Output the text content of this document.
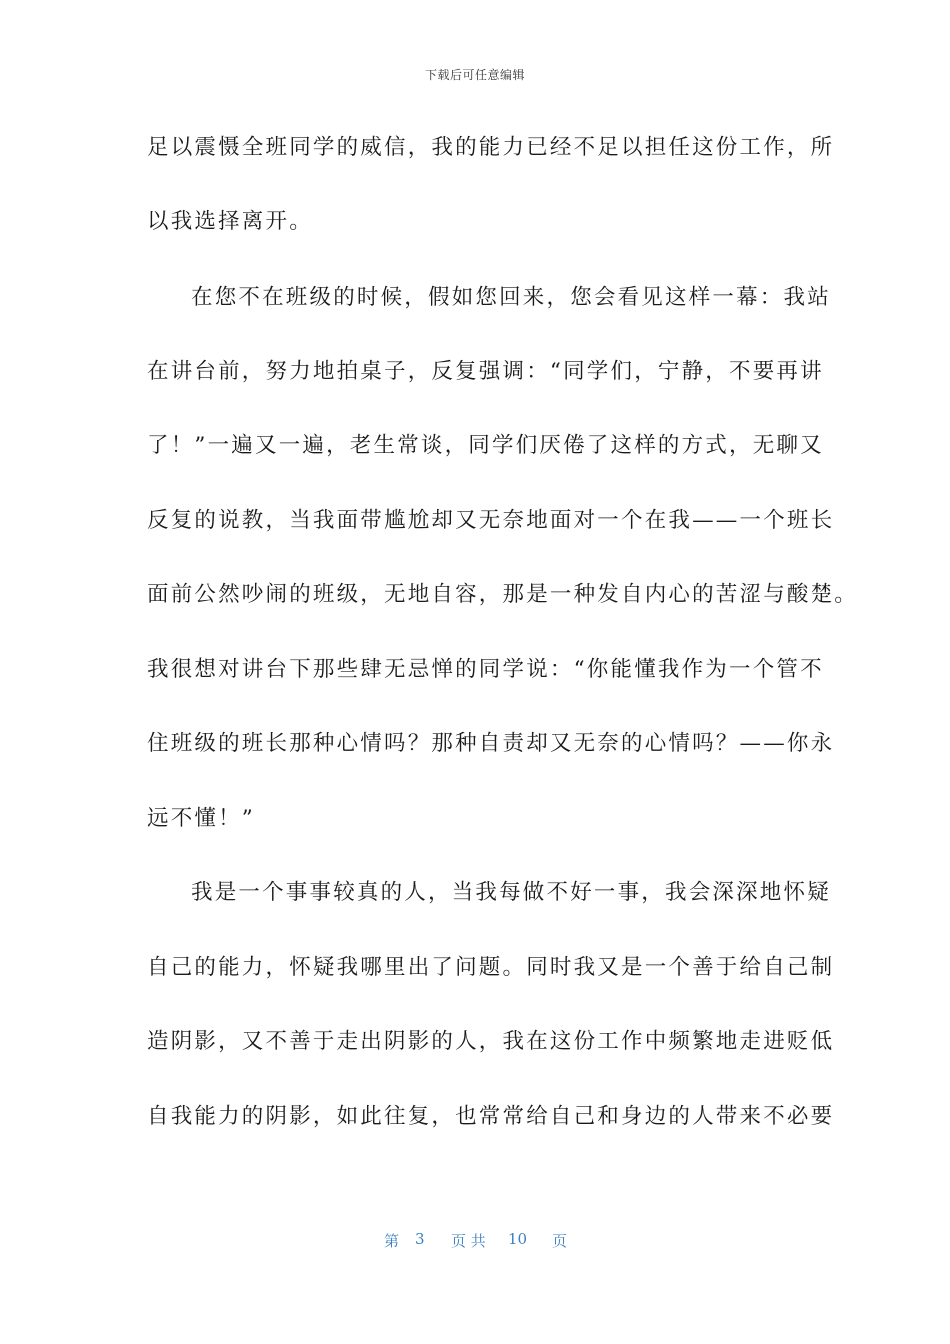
下载后可任意编辑
足以震慑全班同学的威信，我的能力已经不足以担任这份工作，所
以我选择离开。
在您不在班级的时候，假如您回来，您会看见这样一幕：我站
在讲台前，努力地拍桌子，反复强调：“同学们，宁静，不要再讲
了！”一遍又一遍，老生常谈，同学们厌倦了这样的方式，无聊又
反复的说教，当我面带尴尬却又无奈地面对一个在我——一个班长
面前公然吵闹的班级，无地自容，那是一种发自内心的苦涩与酸楚。
我很想对讲台下那些肆无忌惮的同学说：“你能懂我作为一个管不
住班级的班长那种心情吗？那种自责却又无奈的心情吗？——你永
远不懂！”
我是一个事事较真的人，当我每做不好一事，我会深深地怀疑
自己的能力，怀疑我哪里出了问题。同时我又是一个善于给自己制
造阴影，又不善于走出阴影的人，我在这份工作中频繁地走进贬低
自我能力的阴影，如此往复，也常常给自己和身边的人带来不必要
第 3 页 共 10 页
